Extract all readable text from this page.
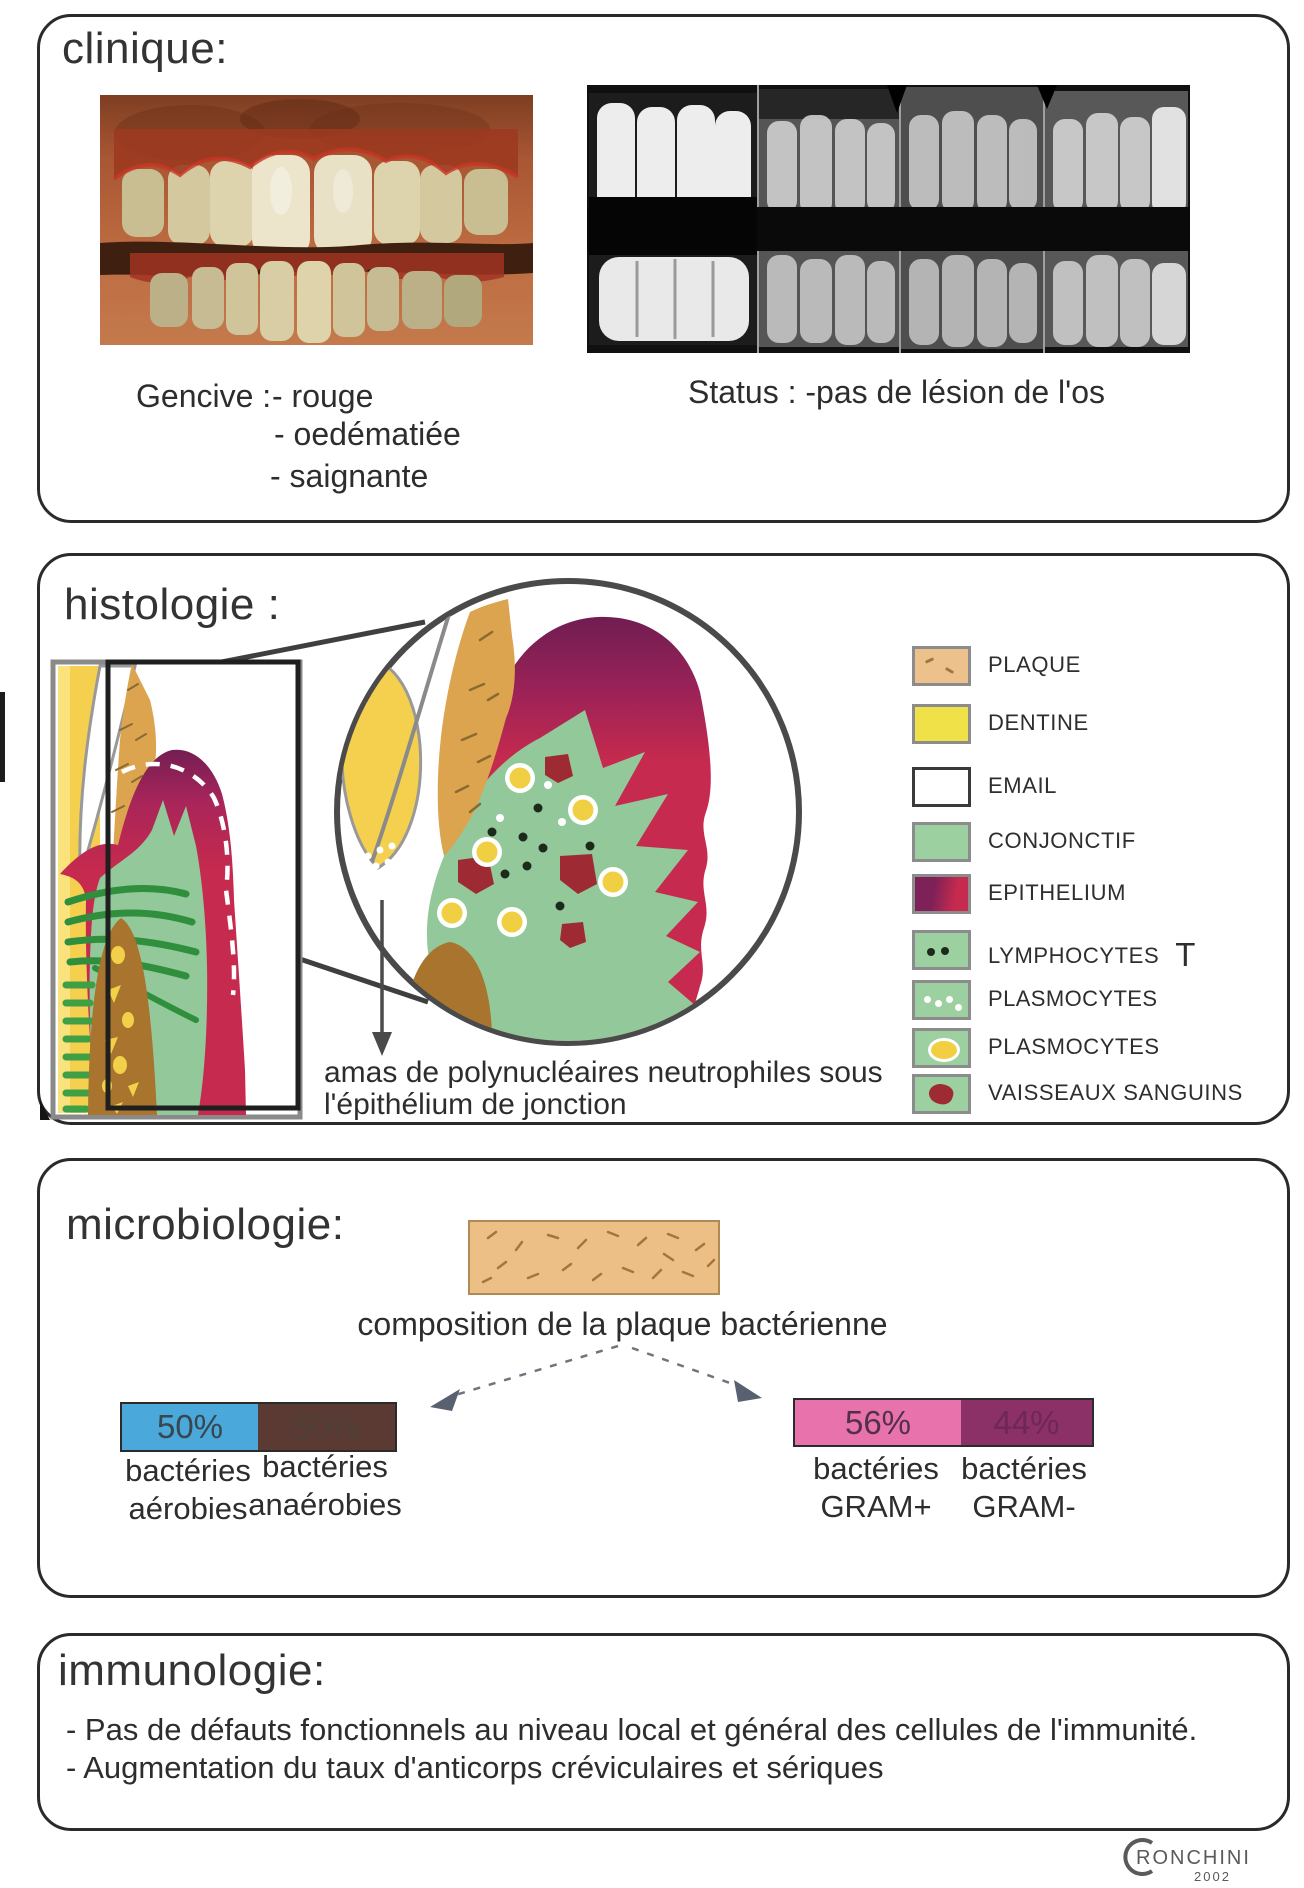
clinique:
Gencive : - rouge
- oedématiée
- saignante
Status : -pas de lésion de l'os
histologie :
amas de polynucléaires neutrophiles sous
l'épithélium de jonction
PLAQUE
DENTINE
EMAIL
CONJONCTIF
EPITHELIUM
LYMPHOCYTES T
PLASMOCYTES
PLASMOCYTES
VAISSEAUX SANGUINS
microbiologie:
composition de la plaque bactérienne
50% 50%
bactéries
aérobies
bactéries
anaérobies
56% 44%
bactéries
GRAM+
bactéries
GRAM-
immunologie:
- Pas de défauts fonctionnels au niveau local et général des cellules de l'immunité.
- Augmentation du taux d'anticorps créviculaires et sériques
RONCHINI
2002
